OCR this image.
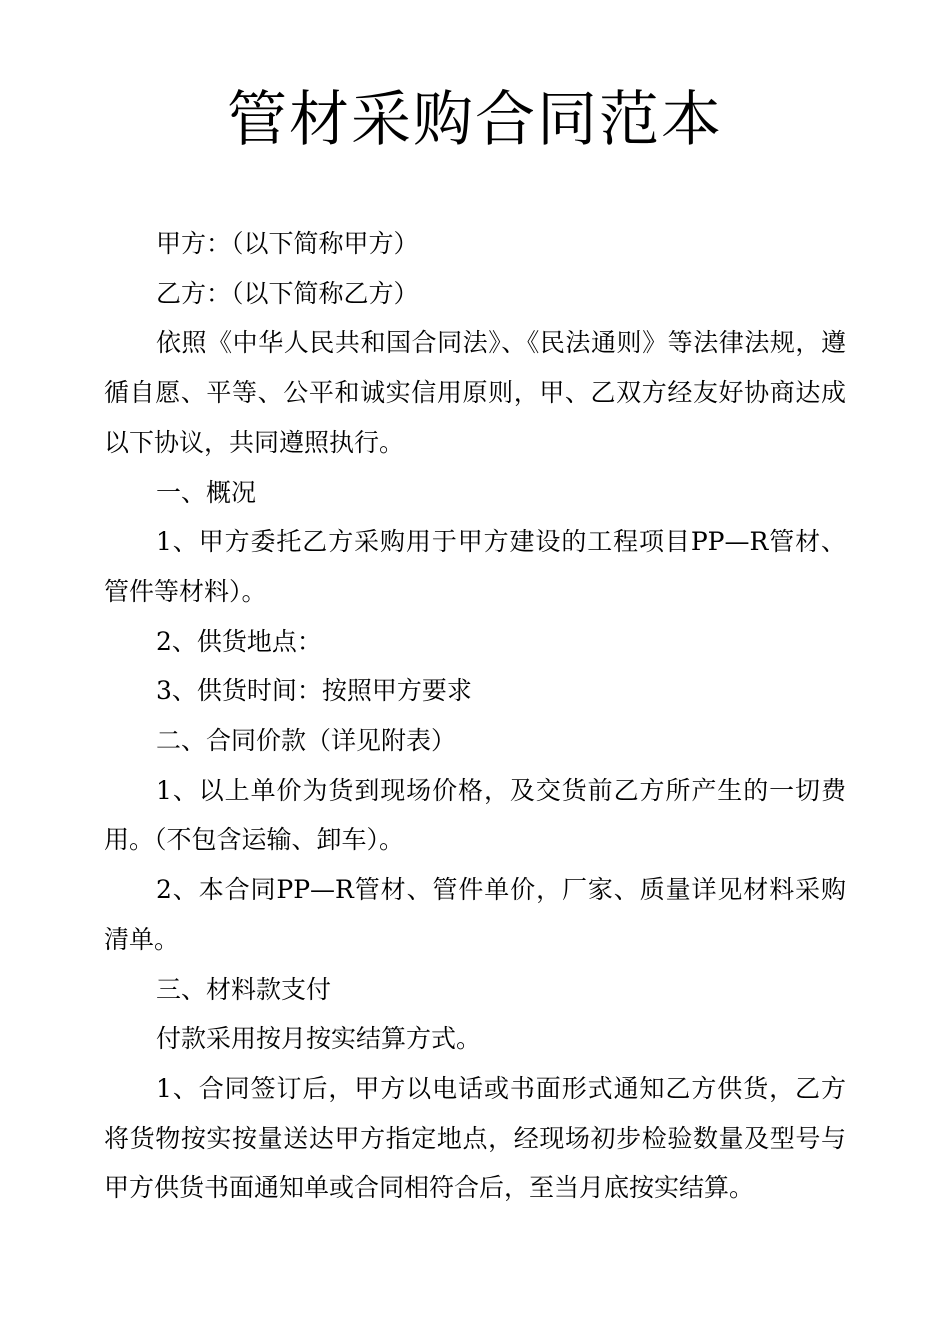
管材采购合同范本

甲方：（以下简称甲方）

乙方：（以下简称乙方）

依照《中华人民共和国合同法》、《民法通则》等法律法规，遵循自愿、平等、公平和诚实信用原则，甲、乙双方经友好协商达成以下协议，共同遵照执行。

一、概况

1、甲方委托乙方采购用于甲方建设的工程项目PP—R管材、管件等材料）。

2、供货地点：

3、供货时间：按照甲方要求

二、合同价款（详见附表）

1、以上单价为货到现场价格，及交货前乙方所产生的一切费用。（不包含运输、卸车）。

2、本合同PP—R管材、管件单价，厂家、质量详见材料采购清单。

三、材料款支付

付款采用按月按实结算方式。

1、合同签订后，甲方以电话或书面形式通知乙方供货，乙方将货物按实按量送达甲方指定地点，经现场初步检验数量及型号与甲方供货书面通知单或合同相符合后，至当月底按实结算。
